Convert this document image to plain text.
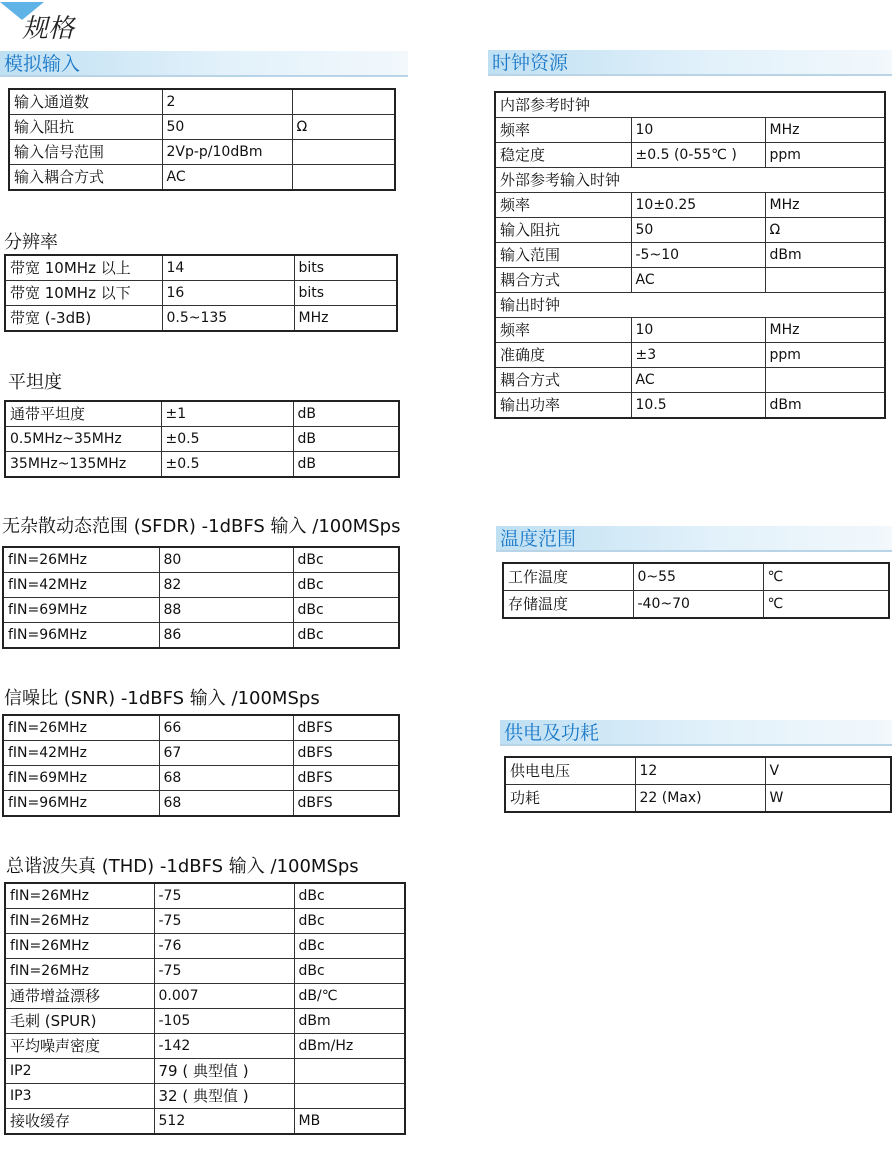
规格
模拟输入	时钟资源
温度范围
供电及功耗
分辨率
平坦度
无杂散动态范围 (SFDR) -1dBFS 输入 /100MSps
信噪比 (SNR) -1dBFS 输入 /100MSps
总谐波失真 (THD) -1dBFS 输入 /100MSps
输入通道数	2	
输入阻抗	50	Ω
输入信号范围	2Vp-p/10dBm	
输入耦合方式	AC	
带宽 10MHz 以上	14	bits
带宽 10MHz 以下	16	bits
带宽 (-3dB)	0.5~135	MHz
通带平坦度	±1	dB
0.5MHz~35MHz	±0.5	dB
35MHz~135MHz	±0.5	dB
fIN=26MHz	80	dBc
fIN=42MHz	82	dBc
fIN=69MHz	88	dBc
fIN=96MHz	86	dBc
fIN=26MHz	66	dBFS
fIN=42MHz	67	dBFS
fIN=69MHz	68	dBFS
fIN=96MHz	68	dBFS
fIN=26MHz	-75	dBc
fIN=26MHz	-75	dBc
fIN=26MHz	-76	dBc
fIN=26MHz	-75	dBc
通带增益漂移	0.007	dB/℃
毛刺 (SPUR)	-105	dBm
平均噪声密度	-142	dBm/Hz
IP2	79 ( 典型值 )	
IP3	32 ( 典型值 )	
接收缓存	512	MB
内部参考时钟		
频率	10	MHz
稳定度	±0.5 (0-55℃ )	ppm
外部参考输入时钟		
频率	10±0.25	MHz
输入阻抗	50	Ω
输入范围	-5~10	dBm
耦合方式	AC	
输出时钟		
频率	10	MHz
准确度	±3	ppm
耦合方式	AC	
输出功率	10.5	dBm
工作温度	0~55	℃
存储温度	-40~70	℃
供电电压	12	V
功耗	22 (Max)	W
